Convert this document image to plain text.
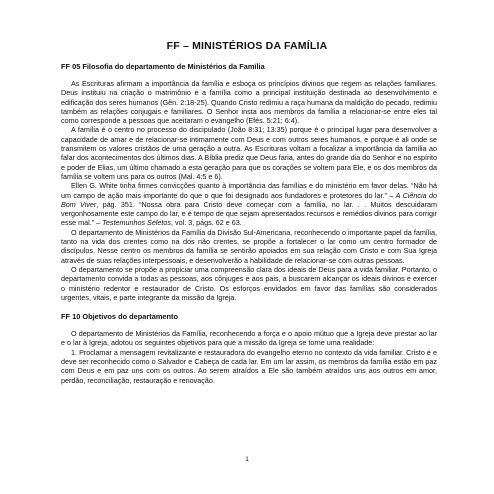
FF – MINISTÉRIOS DA FAMÍLIA
FF 05 Filosofia do departamento de Ministérios da Família

As Escrituras afirmam a importância da família e esboça os princípios divinos que regem as relações familiares. Deus instituiu na criação o matrimônio e a família como a principal instituição destinada ao desenvolvimento e edificação dos seres humanos (Gên. 2:18-25). Quando Cristo redimiu a raça humana da maldição do pecado, redimiu também as relações conjugais e familiares. O Senhor insta aos membros da família a relacionar-se entre eles tal como corresponde a pessoas que aceitaram o evangelho (Efés. 5:21; 6:4).

A família é o centro no processo do discipulado (João 8:31; 13:35) porque é o principal lugar para desenvolver a capacidade de amar e de relacionar-se intimamente com Deus e com outros seres humanos, e porque é ali onde se transmitem os valores cristãos de uma geração a outra. As Escrituras voltam a focalizar a importância da família ao falar dos acontecimentos dos últimos dias. A Bíblia prediz que Deus faria, antes do grande dia do Senhor e no espírito e poder de Elias, um último chamado a esta geração para que os corações se voltem para Ele, e os dos membros da família se voltem uns para os outros (Mal. 4:5 e 6).

Ellen G. White tinha firmes convicções quanto à importância das famílias e do ministério em favor delas. “Não há um campo de ação mais importante do que o que foi designado aos fundadores e protetores do lar.” – A Ciência do Bom Viver, pág. 351. “Nossa obra para Cristo deve começar com a família, no lar. . . Muitos descuidaram vergonhosamente este campo do lar, e é tempo de que sejam apresentados recursos e remédios divinos para corrigir esse mal.” – Testemunhos Seletos, vol. 3, págs. 62 e 63.

O departamento de Ministérios da Família da Divisão Sul-Americana, reconhecendo o importante papel da família, tanto na vida dos crentes como na dos não crentes, se propõe a fortalecer o lar como um centro formador de discípulos. Nesse centro os membros da família se sentirão apoiados em sua relação com Cristo e com Sua Igreja através de suas relações interpessoais, e desenvolverão a habilidade de relacionar-se com outras pessoas.

O departamento se propõe a propiciar uma compreensão clara dos ideais de Deus para a vida familiar. Portanto, o departamento convida a todas as pessoas, aos cônjuges e aos pais, a buscarem alcançar os ideais divinos e exercer o ministério redentor e restaurador de Cristo. Os esforços envidados em favor das famílias são considerados urgentes, vitais, e parte integrante da missão da Igreja.

FF 10 Objetivos do departamento

O departamento de Ministérios da Família, reconhecendo a força e o apoio mútuo que a Igreja deve prestar ao lar e o lar à Igreja, adotou os seguintes objetivos para que a missão da Igreja se torne uma realidade:

1. Proclamar a mensagem revitalizante e restauradora do evangelho eterno no contexto da vida familiar. Cristo é e deve ser reconhecido como o Salvador e Cabeça de cada lar. Em um lar assim, os membros da família estão em paz com Deus e em paz uns com os outros. Ao serem atraídos a Ele são também atraídos uns aos outros em amor, perdão, reconciliação, restauração e renovação.

1
